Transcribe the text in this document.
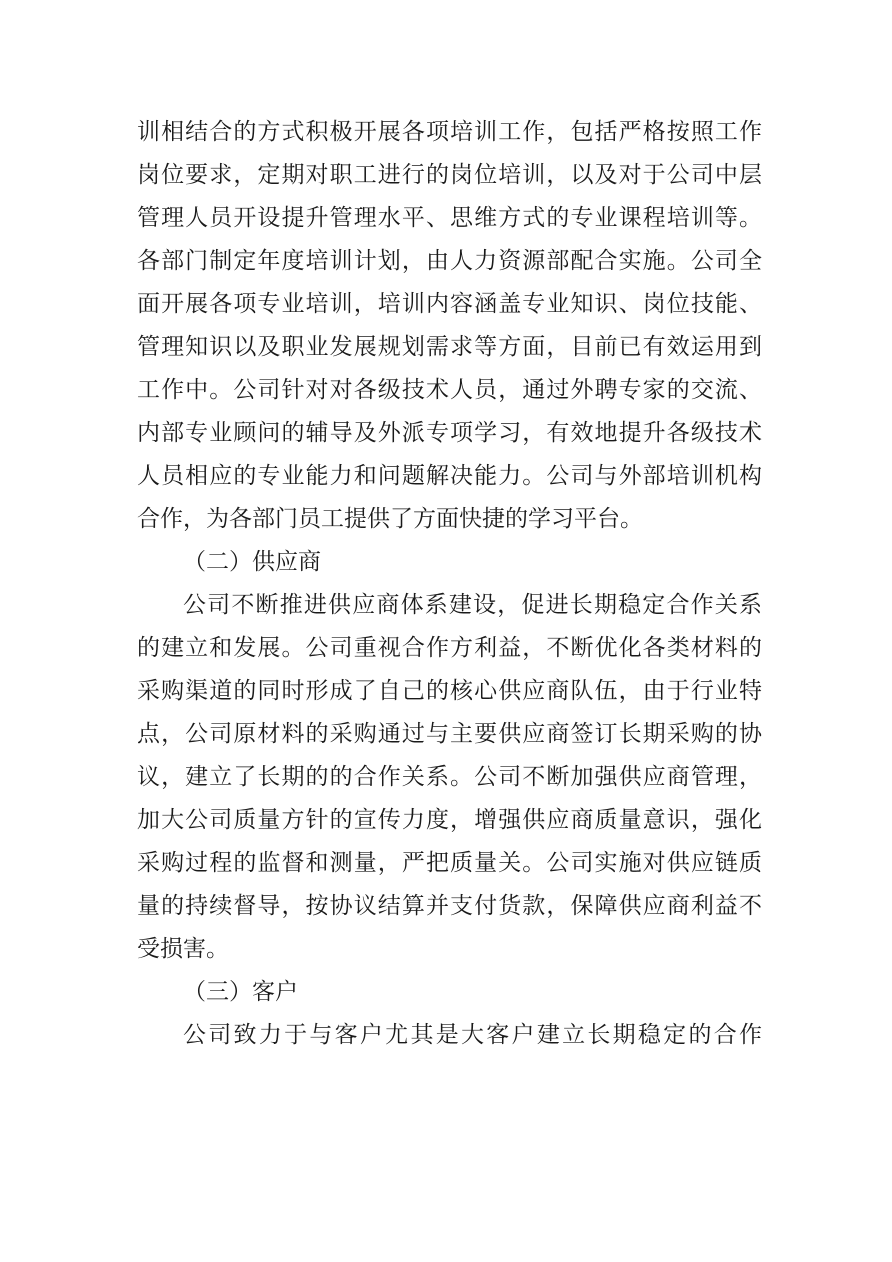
训相结合的方式积极开展各项培训工作，包括严格按照工作
岗位要求，定期对职工进行的岗位培训，以及对于公司中层
管理人员开设提升管理水平、思维方式的专业课程培训等。
各部门制定年度培训计划，由人力资源部配合实施。公司全
面开展各项专业培训，培训内容涵盖专业知识、岗位技能、
管理知识以及职业发展规划需求等方面，目前已有效运用到
工作中。公司针对对各级技术人员，通过外聘专家的交流、
内部专业顾问的辅导及外派专项学习，有效地提升各级技术
人员相应的专业能力和问题解决能力。公司与外部培训机构
合作，为各部门员工提供了方面快捷的学习平台。
（二）供应商
公司不断推进供应商体系建设，促进长期稳定合作关系
的建立和发展。公司重视合作方利益，不断优化各类材料的
采购渠道的同时形成了自己的核心供应商队伍，由于行业特
点，公司原材料的采购通过与主要供应商签订长期采购的协
议，建立了长期的的合作关系。公司不断加强供应商管理，
加大公司质量方针的宣传力度，增强供应商质量意识，强化
采购过程的监督和测量，严把质量关。公司实施对供应链质
量的持续督导，按协议结算并支付货款，保障供应商利益不
受损害。
（三）客户
公司致力于与客户尤其是大客户建立长期稳定的合作
